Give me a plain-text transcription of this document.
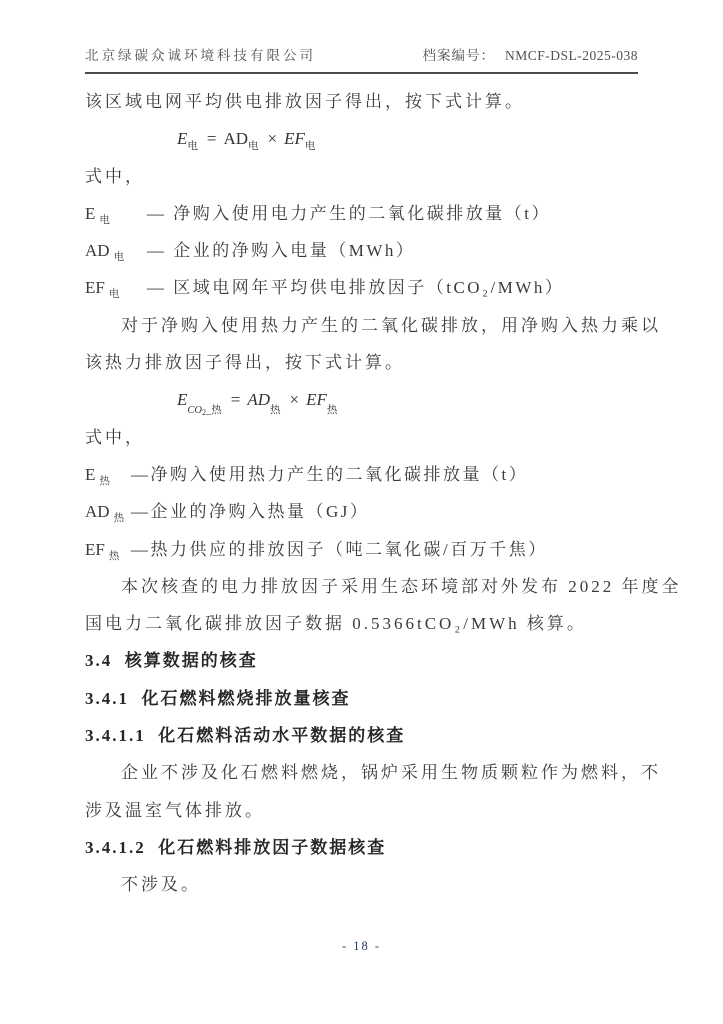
北京绿碳众诚环境科技有限公司	档案编号： NMCF-DSL-2025-038
该区域电网平均供电排放因子得出，按下式计算。
$E_电 = AD_电 \times EF_电$
式中，
E $_电$	— 净购入使用电力产生的二氧化碳排放量（t）
AD $_电$	— 企业的净购入电量（MWh）
EF $_电$	— 区域电网年平均供电排放因子（tCO₂/MWh）
对于净购入使用热力产生的二氧化碳排放，用净购入热力乘以
该热力排放因子得出，按下式计算。
$E_{CO2\_热}= AD_热\times EF_热$
式中，
E $_热$	—净购入使用热力产生的二氧化碳排放量（t）
AD $_热$ —企业的净购入热量（GJ）
EF $_热$ —热力供应的排放因子（吨二氧化碳/百万千焦）
本次核查的电力排放因子采用生态环境部对外发布 2022 年度全
国电力二氧化碳排放因子数据 0.5366tCO₂/MWh 核算。
3.4  核算数据的核查
3.4.1  化石燃料燃烧排放量核查
3.4.1.1  化石燃料活动水平数据的核查
企业不涉及化石燃料燃烧，锅炉采用生物质颗粒作为燃料，不
涉及温室气体排放。
3.4.1.2  化石燃料排放因子数据核查
不涉及。
- 18 -
